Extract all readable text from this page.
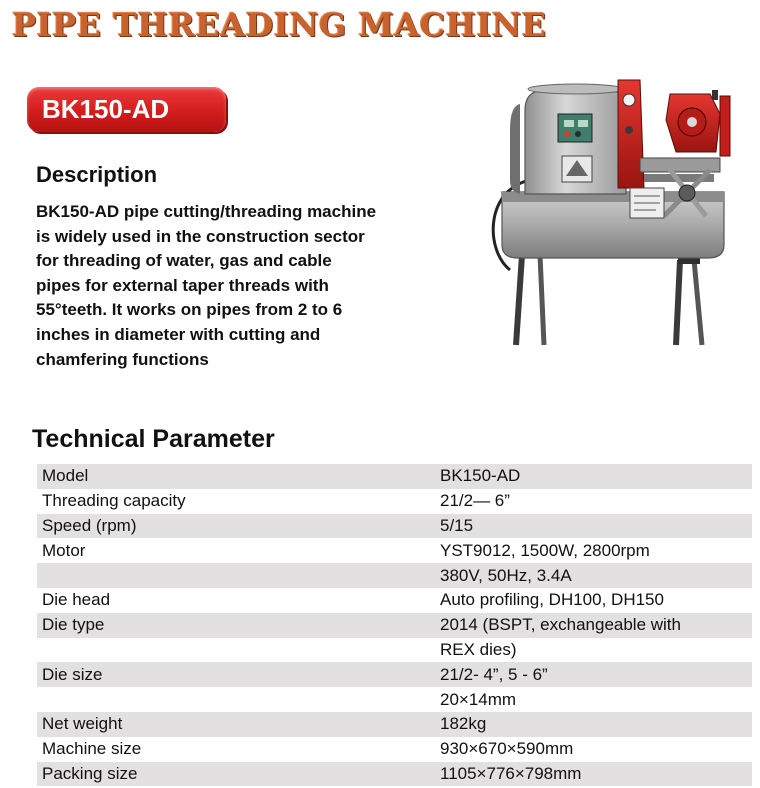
PIPE THREADING MACHINE
BK150-AD
Description

BK150-AD pipe cutting/threading machine
is widely used in the construction sector
for threading of water, gas and cable
pipes for external taper threads with
55°teeth. It works on pipes from 2 to 6
inches in diameter with cutting and
chamfering functions

Technical Parameter
Model	BK150-AD
Threading capacity	21/2— 6”
Speed (rpm)	5/15
Motor	YST9012, 1500W, 2800rpm
380V, 50Hz, 3.4A
Die head	Auto profiling, DH100, DH150
Die type	2014 (BSPT, exchangeable with
REX dies)
Die size	21/2- 4”, 5 - 6”
20×14mm
Net weight	182kg
Machine size	930×670×590mm
Packing size	1105×776×798mm
